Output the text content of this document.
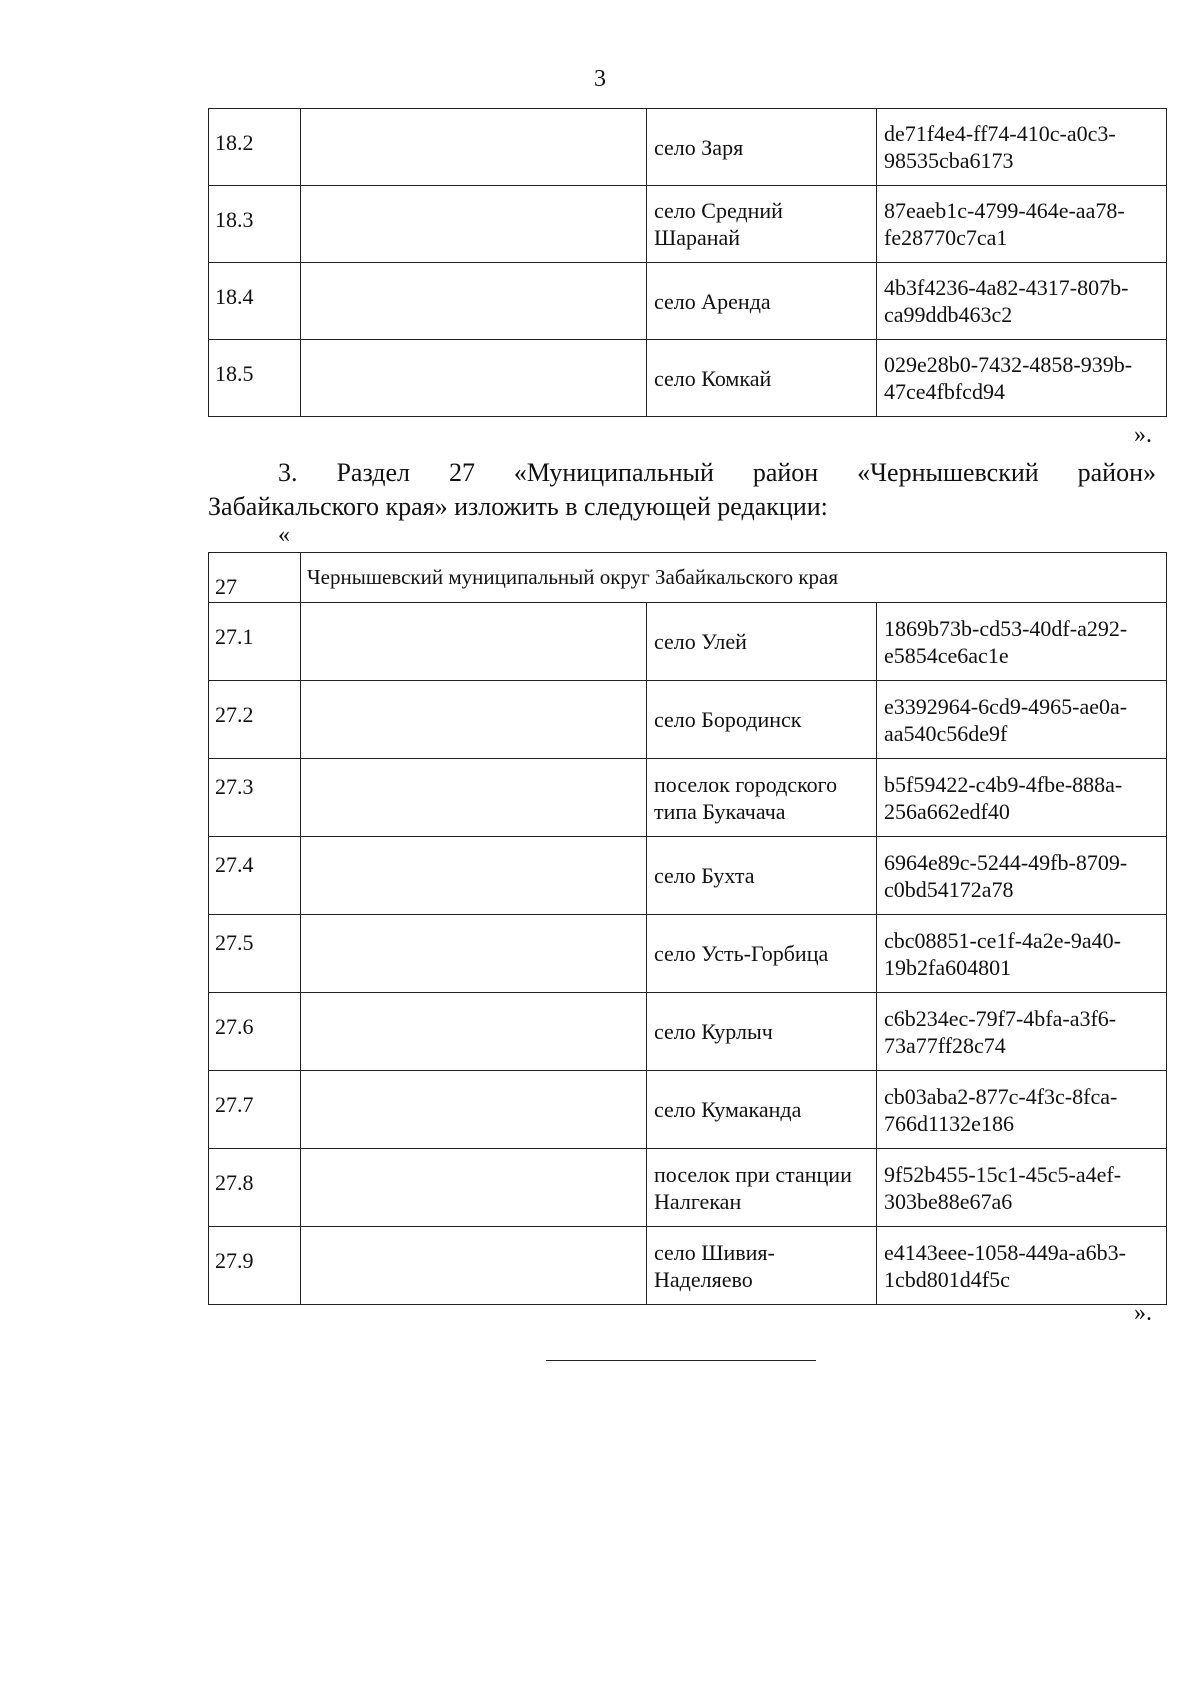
3
18.2		село Заря	de71f4e4-ff74-410c-a0c3-98535cba6173
18.3		село Средний Шаранай	87eaeb1c-4799-464e-aa78-fe28770c7ca1
18.4		село Аренда	4b3f4236-4a82-4317-807b-ca99ddb463c2
18.5		село Комкай	029e28b0-7432-4858-939b-47ce4fbfcd94
».
3. Раздел 27 «Муниципальный район «Чернышевский район»
Забайкальского края» изложить в следующей редакции:
«
27	Чернышевский муниципальный округ Забайкальского края		
27.1		село Улей	1869b73b-cd53-40df-a292-e5854ce6ac1e
27.2		село Бородинск	e3392964-6cd9-4965-ae0a-aa540c56de9f
27.3		поселок городского типа Букачача	b5f59422-c4b9-4fbe-888a-256a662edf40
27.4		село Бухта	6964e89c-5244-49fb-8709-c0bd54172a78
27.5		село Усть-Горбица	cbc08851-ce1f-4a2e-9a40-19b2fa604801
27.6		село Курлыч	c6b234ec-79f7-4bfa-a3f6-73a77ff28c74
27.7		село Кумаканда	cb03aba2-877c-4f3c-8fca-766d1132e186
27.8		поселок при станции Налгекан	9f52b455-15c1-45c5-a4ef-303be88e67a6
27.9		село Шивия-Наделяево	e4143eee-1058-449a-a6b3-1cbd801d4f5c
».
